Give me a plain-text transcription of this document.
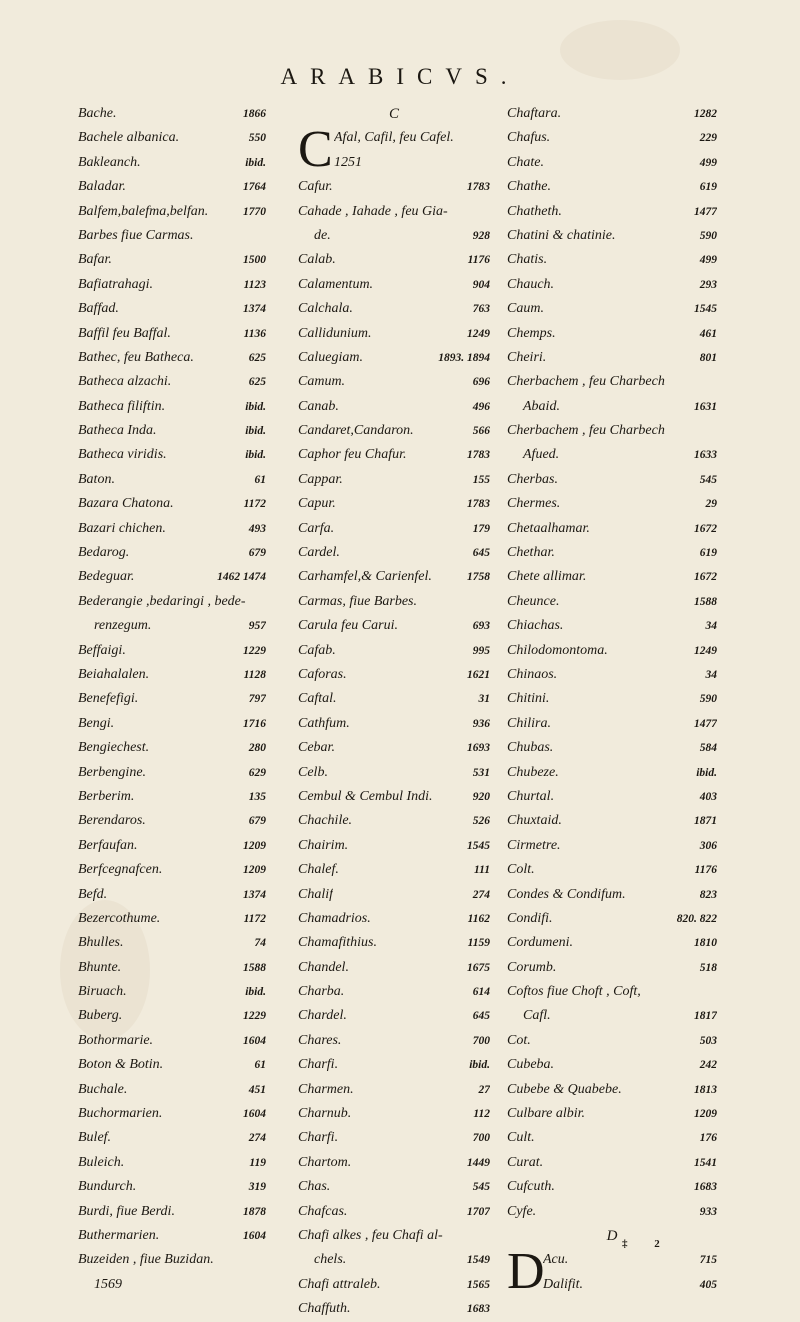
ARABICVS.
Bache.	1866
Bachele albanica.	550
Bakleanch.	ibid.
Baladar.	1764
Balfem,balefma,belfan.	1770
Barbes fiue Carmas.
Bafar.	1500
Bafiatrahagi.	1123
Baffad.	1374
Baffil feu Baffal.	1136
Bathec, feu Batheca.	625
Batheca alzachi.	625
Batheca filiftin.	ibid.
Batheca Inda.	ibid.
Batheca viridis.	ibid.
Baton.	61
Bazara Chatona.	1172
Bazari chichen.	493
Bedarog.	679
Bedeguar.	1462 1474
Bederangie ,bedaringi , bede-
renzegum.	957
Beffaigi.	1229
Beiahalalen.	1128
Benefefigi.	797
Bengi.	1716
Bengiechest.	280
Berbengine.	629
Berberim.	135
Berendaros.	679
Berfaufan.	1209
Berfcegnafcen.	1209
Befd.	1374
Bezercothume.	1172
Bhulles.	74
Bhunte.	1588
Biruach.	ibid.
Buberg.	1229
Bothormarie.	1604
Boton & Botin.	61
Buchale.	451
Buchormarien.	1604
Bulef.	274
Buleich.	119
Bundurch.	319
Burdi, fiue Berdi.	1878
Buthermarien.	1604
Buzeiden , fiue Buzidan.
1569
C
C Afal, Cafil, feu Cafel.
1251
Cafur.	1783
Cahade , Iahade , feu Gia-
de.	928
Calab.	1176
Calamentum.	904
Calchala.	763
Callidunium.	1249
Caluegiam.	1893. 1894
Camum.	696
Canab.	496
Candaret,Candaron.	566
Caphor feu Chafur.	1783
Cappar.	155
Capur.	1783
Carfa.	179
Cardel.	645
Carhamfel,& Carienfel.	1758
Carmas, fiue Barbes.
Carula feu Carui.	693
Cafab.	995
Caforas.	1621
Caftal.	31
Cathfum.	936
Cebar.	1693
Celb.	531
Cembul & Cembul Indi.	920
Chachile.	526
Chairim.	1545
Chalef.	111
Chalif	274
Chamadrios.	1162
Chamafithius.	1159
Chandel.	1675
Charba.	614
Chardel.	645
Chares.	700
Charfi.	ibid.
Charmen.	27
Charnub.	112
Charfi.	700
Chartom.	1449
Chas.	545
Chafcas.	1707
Chafi alkes , feu Chafi al-
chels.	1549
Chafi attraleb.	1565
Chaffuth.	1683
Chaftara.	1282
Chafus.	229
Chate.	499
Chathe.	619
Chatheth.	1477
Chatini & chatinie.	590
Chatis.	499
Chauch.	293
Caum.	1545
Chemps.	461
Cheiri.	801
Cherbachem , feu Charbech
Abaid.	1631
Cherbachem , feu Charbech
Afued.	1633
Cherbas.	545
Chermes.	29
Chetaalhamar.	1672
Chethar.	619
Chete allimar.	1672
Cheunce.	1588
Chiachas.	34
Chilodomontoma.	1249
Chinaos.	34
Chitini.	590
Chilira.	1477
Chubas.	584
Chubeze.	ibid.
Churtal.	403
Chuxtaid.	1871
Cirmetre.	306
Colt.	1176
Condes & Condifum.	823
Condifi.	820. 822
Cordumeni.	1810
Corumb.	518
Coftos fiue Choft , Coft,
Cafl.	1817
Cot.	503
Cubeba.	242
Cubebe & Quabebe.	1813
Culbare albir.	1209
Cult.	176
Curat.	1541
Cufcuth.	1683
Cyfe.	933
D
D
Acu.	715
Dalifit.	405
‡ 2
